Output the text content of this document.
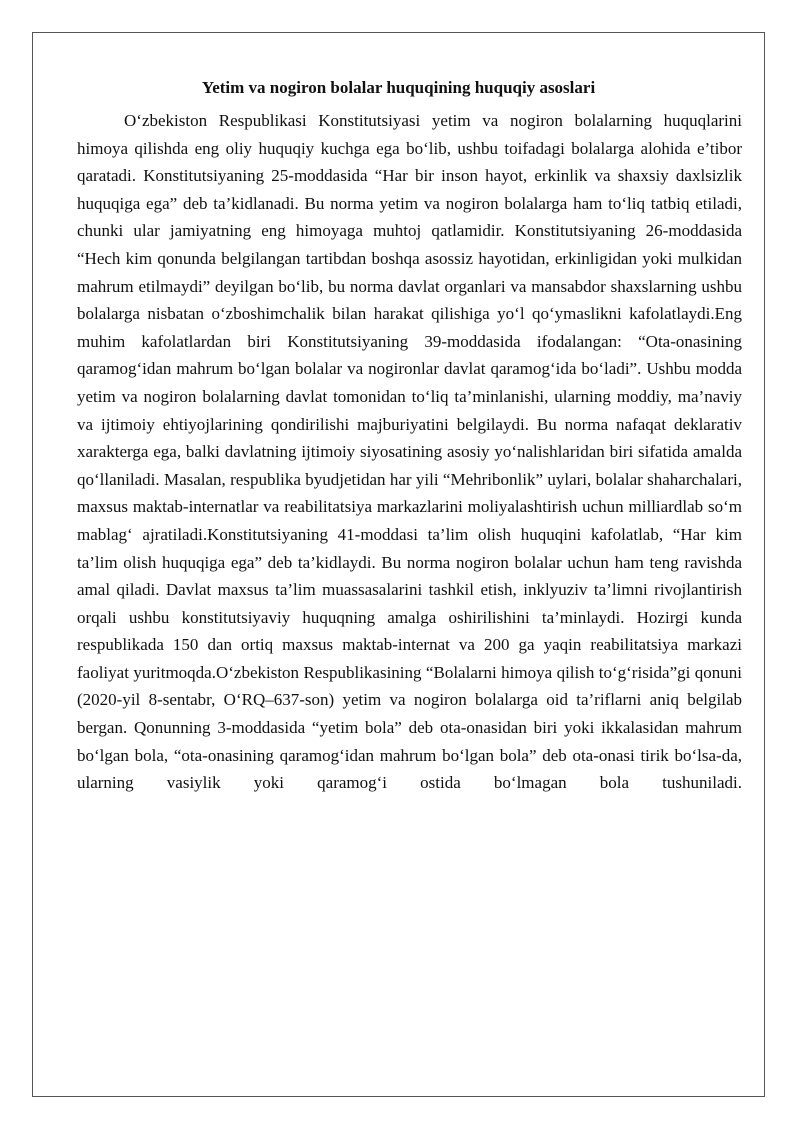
Yetim va nogiron bolalar huquqining huquqiy asoslari

O‘zbekiston Respublikasi Konstitutsiyasi yetim va nogiron bolalarning huquqlarini himoya qilishda eng oliy huquqiy kuchga ega bo‘lib, ushbu toifadagi bolalarga alohida e’tibor qaratadi. Konstitutsiyaning 25-moddasida “Har bir inson hayot, erkinlik va shaxsiy daxlsizlik huquqiga ega” deb ta’kidlanadi. Bu norma yetim va nogiron bolalarga ham to‘liq tatbiq etiladi, chunki ular jamiyatning eng himoyaga muhtoj qatlamidir. Konstitutsiyaning 26-moddasida “Hech kim qonunda belgilangan tartibdan boshqa asossiz hayotidan, erkinligidan yoki mulkidan mahrum etilmaydi” deyilgan bo‘lib, bu norma davlat organlari va mansabdor shaxslarning ushbu bolalarga nisbatan o‘zboshimchalik bilan harakat qilishiga yo‘l qo‘ymaslikni kafolatlaydi.Eng muhim kafolatlardan biri Konstitutsiyaning 39-moddasida ifodalangan: “Ota-onasining qaramog‘idan mahrum bo‘lgan bolalar va nogironlar davlat qaramog‘ida bo‘ladi”. Ushbu modda yetim va nogiron bolalarning davlat tomonidan to‘liq ta’minlanishi, ularning moddiy, ma’naviy va ijtimoiy ehtiyojlarining qondirilishi majburiyatini belgilaydi. Bu norma nafaqat deklarativ xarakterga ega, balki davlatning ijtimoiy siyosatining asosiy yo‘nalishlaridan biri sifatida amalda qo‘llaniladi. Masalan, respublika byudjetidan har yili “Mehribonlik” uylari, bolalar shaharchalari, maxsus maktab-internatlar va reabilitatsiya markazlarini moliyalashtirish uchun milliardlab so‘m mablag‘ ajratiladi.Konstitutsiyaning 41-moddasi ta’lim olish huquqini kafolatlab, “Har kim ta’lim olish huquqiga ega” deb ta’kidlaydi. Bu norma nogiron bolalar uchun ham teng ravishda amal qiladi. Davlat maxsus ta’lim muassasalarini tashkil etish, inklyuziv ta’limni rivojlantirish orqali ushbu konstitutsiyaviy huquqning amalga oshirilishini ta’minlaydi. Hozirgi kunda respublikada 150 dan ortiq maxsus maktab-internat va 200 ga yaqin reabilitatsiya markazi faoliyat yuritmoqda.O‘zbekiston Respublikasining “Bolalarni himoya qilish to‘g‘risida”gi qonuni (2020-yil 8-sentabr, O‘RQ–637-son) yetim va nogiron bolalarga oid ta’riflarni aniq belgilab bergan. Qonunning 3-moddasida “yetim bola” deb ota-onasidan biri yoki ikkalasidan mahrum bo‘lgan bola, “ota-onasining qaramog‘idan mahrum bo‘lgan bola” deb ota-onasi tirik bo‘lsa-da, ularning vasiylik yoki qaramog‘i ostida bo‘lmagan bola tushuniladi.
